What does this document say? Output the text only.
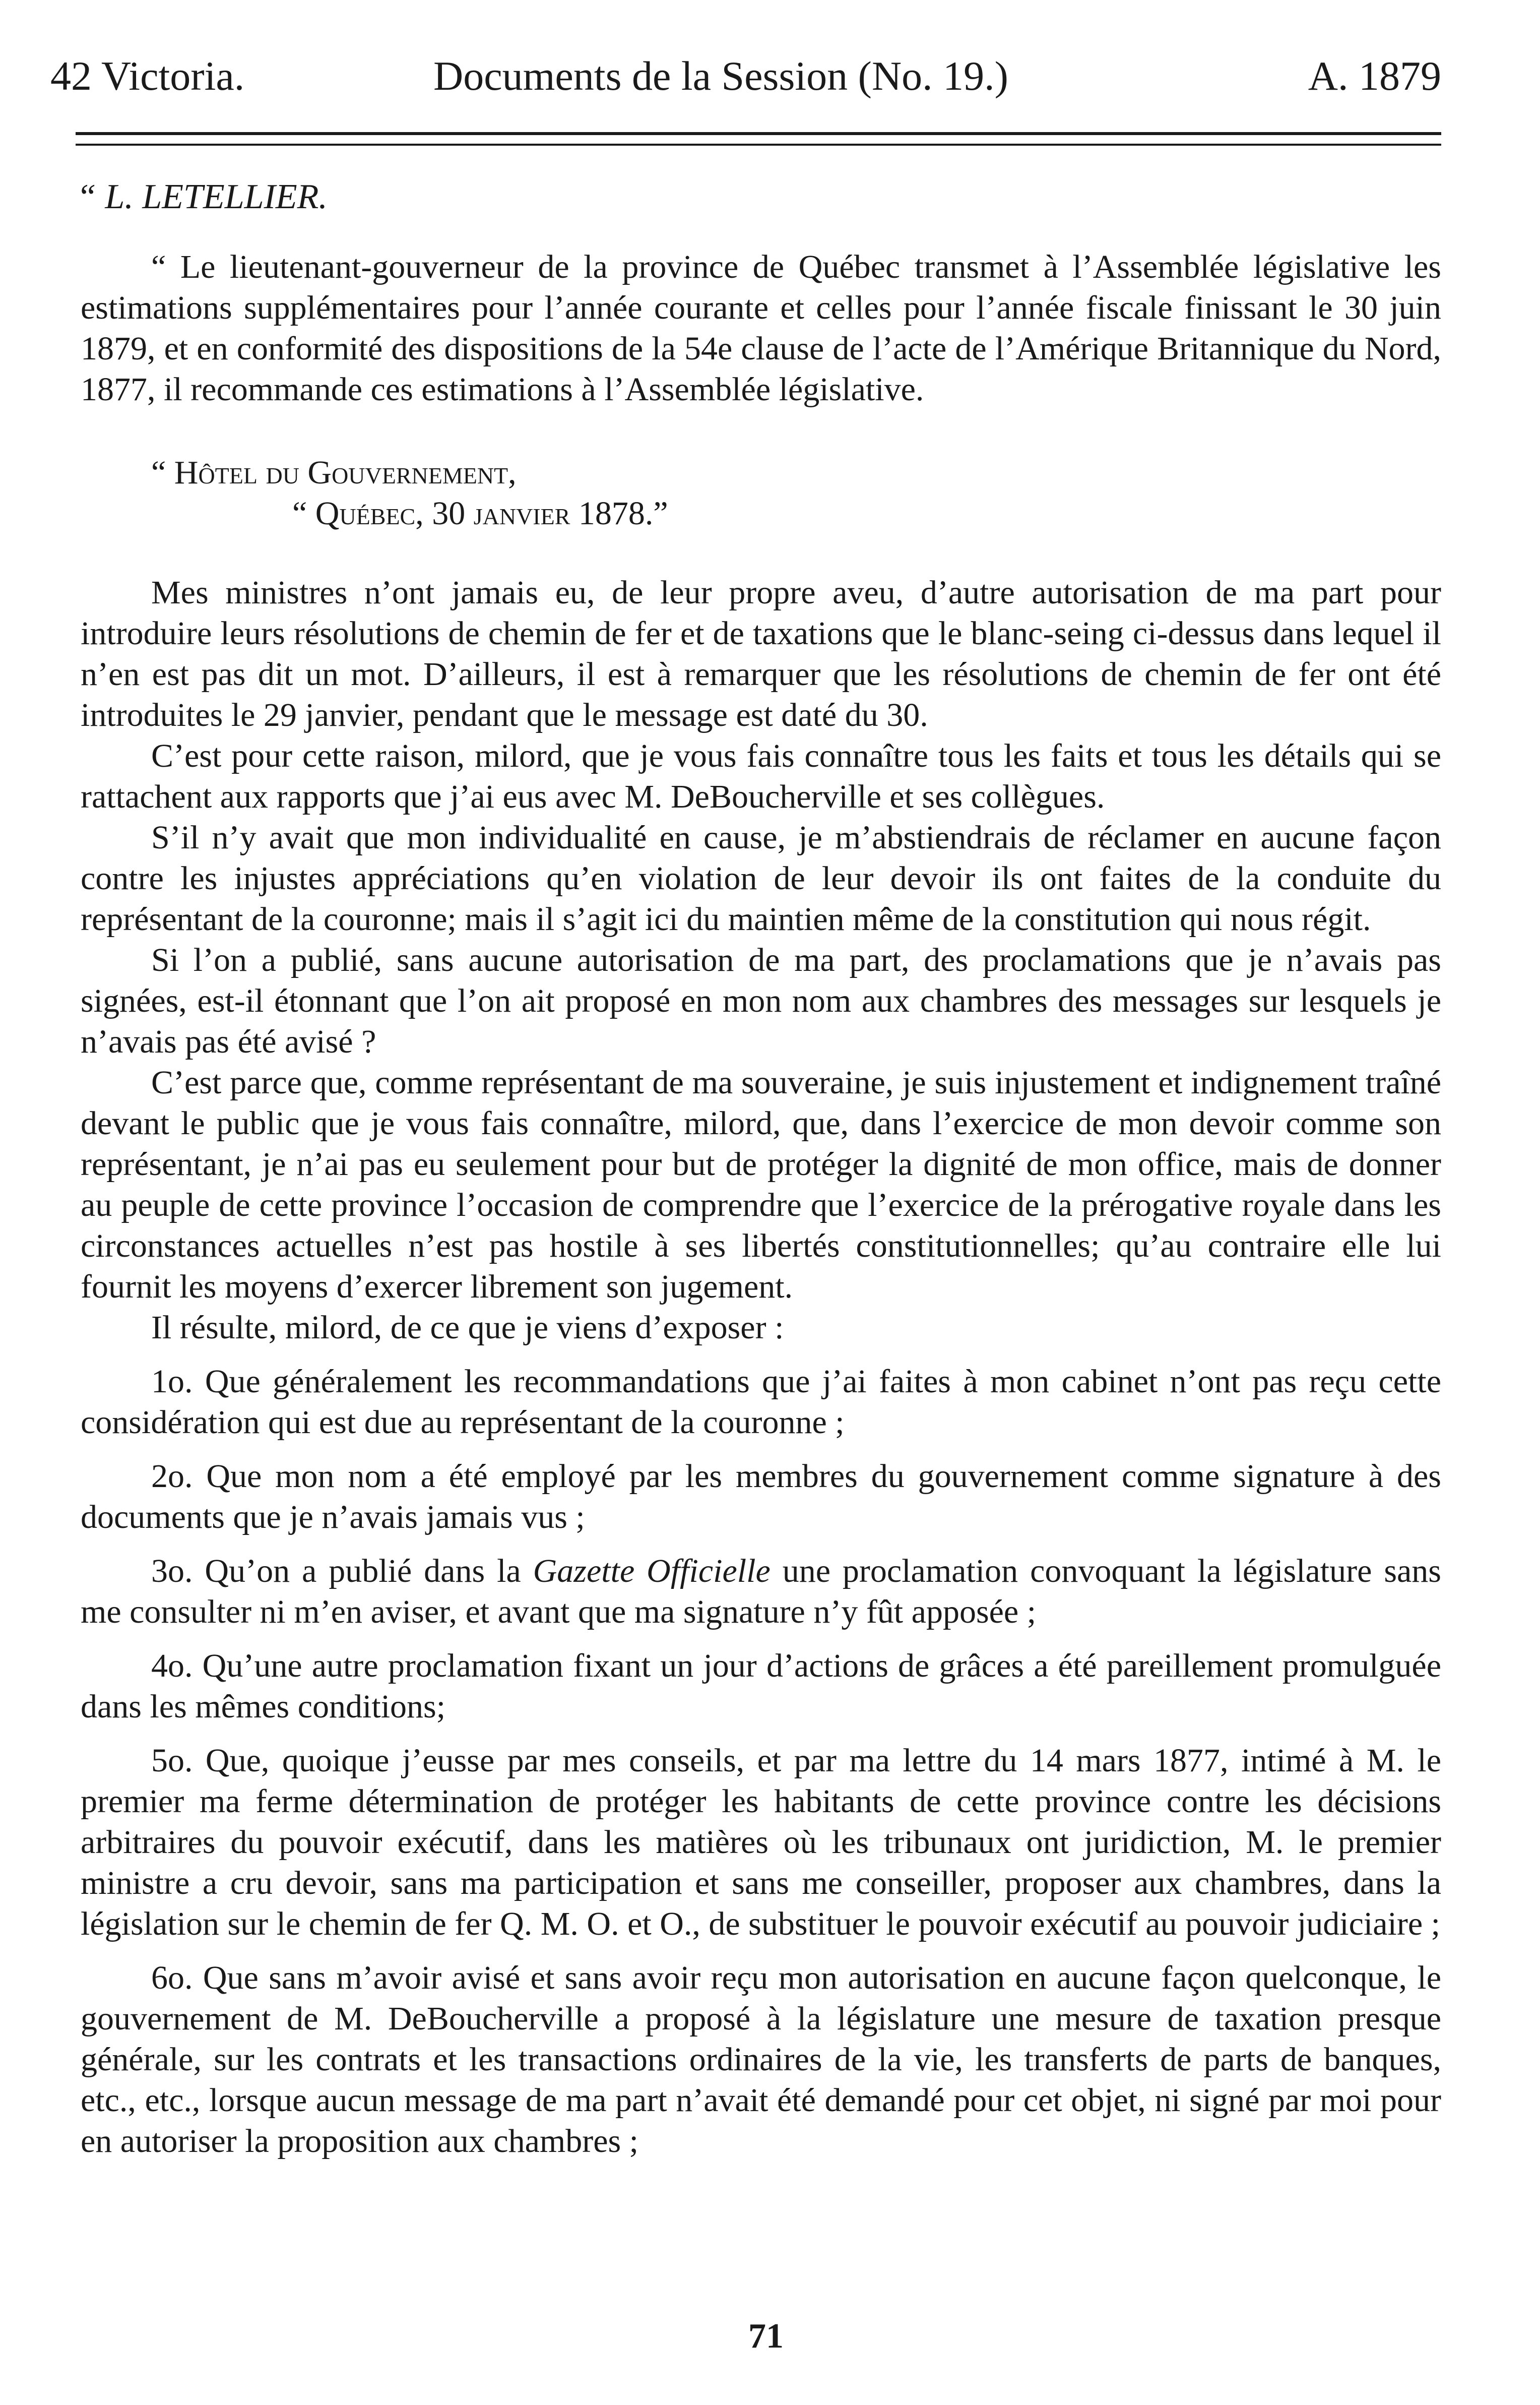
42 Victoria.	Documents de la Session (No. 19.)	A. 1879

“ L. LETELLIER.

“ Le lieutenant-gouverneur de la province de Québec transmet à l’Assemblée législative les estimations supplémentaires pour l’année courante et celles pour l’année fiscale finissant le 30 juin 1879, et en conformité des dispositions de la 54e clause de l’acte de l’Amérique Britannique du Nord, 1877, il recommande ces estimations à l’Assemblée législative.

“ Hôtel du Gouvernement,

“ Québec, 30 janvier 1878.”

Mes ministres n’ont jamais eu, de leur propre aveu, d’autre autorisation de ma part pour introduire leurs résolutions de chemin de fer et de taxations que le blanc-seing ci-dessus dans lequel il n’en est pas dit un mot. D’ailleurs, il est à remarquer que les résolutions de chemin de fer ont été introduites le 29 janvier, pendant que le message est daté du 30.

C’est pour cette raison, milord, que je vous fais connaître tous les faits et tous les détails qui se rattachent aux rapports que j’ai eus avec M. DeBoucherville et ses collègues.

S’il n’y avait que mon individualité en cause, je m’abstiendrais de réclamer en aucune façon contre les injustes appréciations qu’en violation de leur devoir ils ont faites de la conduite du représentant de la couronne; mais il s’agit ici du maintien même de la constitution qui nous régit.

Si l’on a publié, sans aucune autorisation de ma part, des proclamations que je n’avais pas signées, est-il étonnant que l’on ait proposé en mon nom aux chambres des messages sur lesquels je n’avais pas été avisé ?

C’est parce que, comme représentant de ma souveraine, je suis injustement et indignement traîné devant le public que je vous fais connaître, milord, que, dans l’exercice de mon devoir comme son représentant, je n’ai pas eu seulement pour but de protéger la dignité de mon office, mais de donner au peuple de cette province l’occasion de comprendre que l’exercice de la prérogative royale dans les circonstances actuelles n’est pas hostile à ses libertés constitutionnelles; qu’au contraire elle lui fournit les moyens d’exercer librement son jugement.

Il résulte, milord, de ce que je viens d’exposer :

1o. Que généralement les recommandations que j’ai faites à mon cabinet n’ont pas reçu cette considération qui est due au représentant de la couronne ;

2o. Que mon nom a été employé par les membres du gouvernement comme signature à des documents que je n’avais jamais vus ;

3o. Qu’on a publié dans la Gazette Officielle une proclamation convoquant la législature sans me consulter ni m’en aviser, et avant que ma signature n’y fût apposée ;

4o. Qu’une autre proclamation fixant un jour d’actions de grâces a été pareillement promulguée dans les mêmes conditions;

5o. Que, quoique j’eusse par mes conseils, et par ma lettre du 14 mars 1877, intimé à M. le premier ma ferme détermination de protéger les habitants de cette province contre les décisions arbitraires du pouvoir exécutif, dans les matières où les tribunaux ont juridiction, M. le premier ministre a cru devoir, sans ma participation et sans me conseiller, proposer aux chambres, dans la législation sur le chemin de fer Q. M. O. et O., de substituer le pouvoir exécutif au pouvoir judiciaire ;

6o. Que sans m’avoir avisé et sans avoir reçu mon autorisation en aucune façon quelconque, le gouvernement de M. DeBoucherville a proposé à la législature une mesure de taxation presque générale, sur les contrats et les transactions ordinaires de la vie, les transferts de parts de banques, etc., etc., lorsque aucun message de ma part n’avait été demandé pour cet objet, ni signé par moi pour en autoriser la proposition aux chambres ;

71
